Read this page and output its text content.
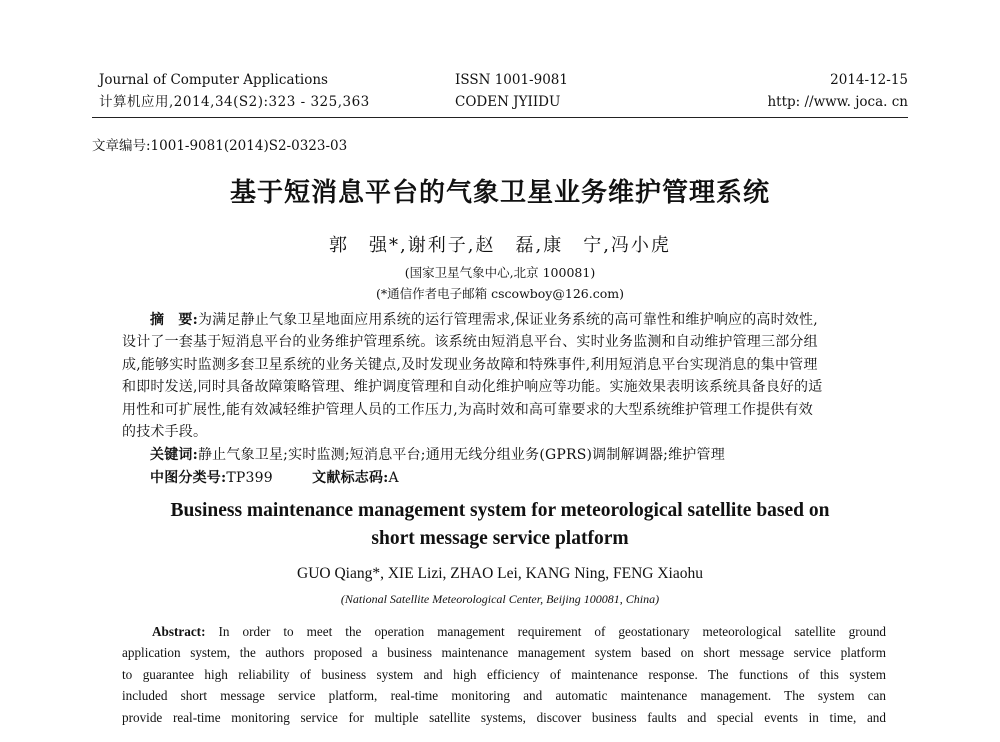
Journal of Computer Applications
计算机应用,2014,34(S2):323 - 325,363
ISSN 1001-9081
CODEN JYIIDU
2014-12-15
http: //www. joca. cn
文章编号:1001-9081(2014)S2-0323-03
基于短消息平台的气象卫星业务维护管理系统
郭　强*,谢利子,赵　磊,康　宁,冯小虎
(国家卫星气象中心,北京 100081)
(*通信作者电子邮箱 cscowboy@126.com)
摘　要:为满足静止气象卫星地面应用系统的运行管理需求,保证业务系统的高可靠性和维护响应的高时效性,
设计了一套基于短消息平台的业务维护管理系统。该系统由短消息平台、实时业务监测和自动维护管理三部分组
成,能够实时监测多套卫星系统的业务关键点,及时发现业务故障和特殊事件,利用短消息平台实现消息的集中管理
和即时发送,同时具备故障策略管理、维护调度管理和自动化维护响应等功能。实施效果表明该系统具备良好的适
用性和可扩展性,能有效减轻维护管理人员的工作压力,为高时效和高可靠要求的大型系统维护管理工作提供有效
的技术手段。
关键词:静止气象卫星;实时监测;短消息平台;通用无线分组业务(GPRS)调制解调器;维护管理
中图分类号:TP399	文献标志码:A
Business maintenance management system for meteorological satellite based on
short message service platform
GUO Qiang*, XIE Lizi, ZHAO Lei, KANG Ning, FENG Xiaohu
(National Satellite Meteorological Center, Beijing 100081, China)
Abstract: In order to meet the operation management requirement of geostationary meteorological satellite ground
application system, the authors proposed a business maintenance management system based on short message service platform
to guarantee high reliability of business system and high efficiency of maintenance response. The functions of this system
included short message service platform, real-time monitoring and automatic maintenance management. The system can
provide real-time monitoring service for multiple satellite systems, discover business faults and special events in time, and
